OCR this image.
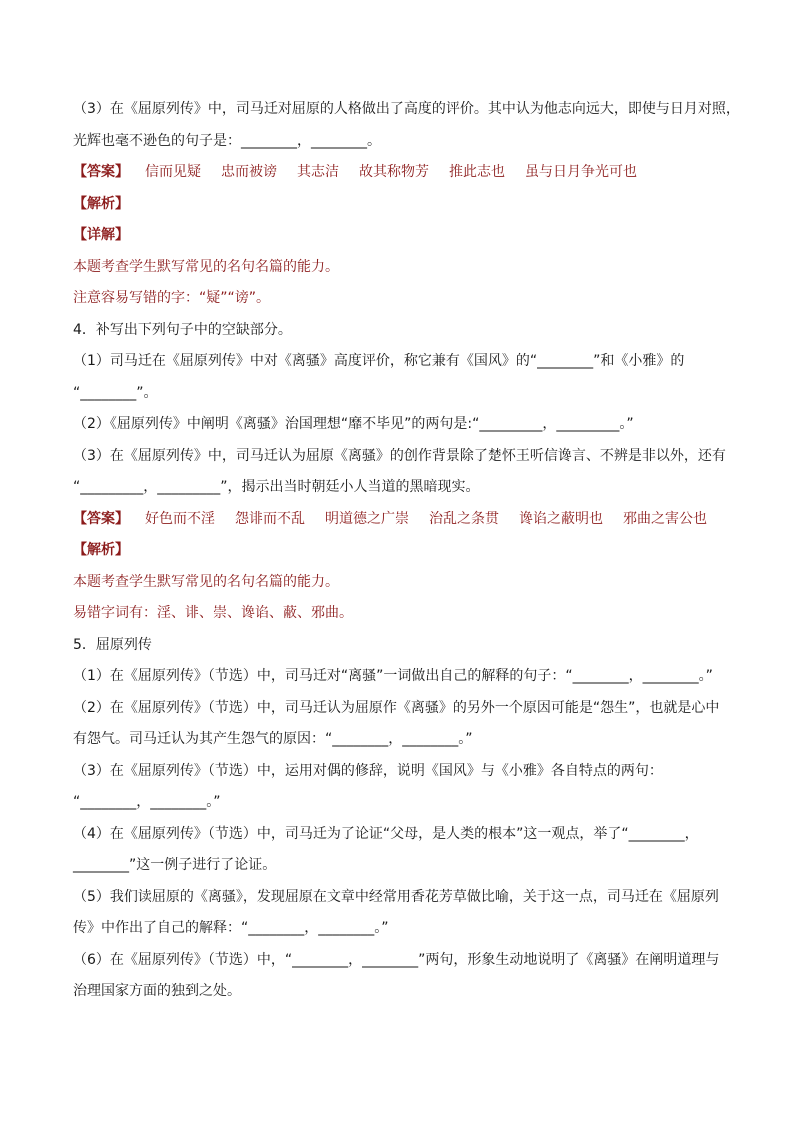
（3）在《屈原列传》中，司马迁对屈原的人格做出了高度的评价。其中认为他志向远大，即使与日月对照，

光辉也毫不逊色的句子是：________，________。

【答案】 信而见疑 忠而被谤 其志洁 故其称物芳 推此志也 虽与日月争光可也

【解析】

【详解】

本题考查学生默写常见的名句名篇的能力。

注意容易写错的字：“疑”“谤”。

4．补写出下列句子中的空缺部分。

（1）司马迁在《屈原列传》中对《离骚》高度评价，称它兼有《国风》的“________”和《小雅》的

“________”。

（2）《屈原列传》中阐明《离骚》治国理想“靡不毕见”的两句是:“_________，_________。”

（3）在《屈原列传》中，司马迁认为屈原《离骚》的创作背景除了楚怀王听信谗言、不辨是非以外，还有

“_________，_________”，揭示出当时朝廷小人当道的黑暗现实。

【答案】 好色而不淫 怨诽而不乱 明道德之广崇 治乱之条贯 谗谄之蔽明也 邪曲之害公也

【解析】

本题考查学生默写常见的名句名篇的能力。

易错字词有：淫、诽、崇、谗谄、蔽、邪曲。

5．屈原列传

（1）在《屈原列传》（节选）中，司马迁对“离骚”一词做出自己的解释的句子：“________，________。”

（2）在《屈原列传》（节选）中，司马迁认为屈原作《离骚》的另外一个原因可能是“怨生”，也就是心中

有怨气。司马迁认为其产生怨气的原因：“________，________。”

（3）在《屈原列传》（节选）中，运用对偶的修辞，说明《国风》与《小雅》各自特点的两句：

“________，________。”

（4）在《屈原列传》（节选）中，司马迁为了论证“父母，是人类的根本”这一观点，举了“________，

________”这一例子进行了论证。

（5）我们读屈原的《离骚》，发现屈原在文章中经常用香花芳草做比喻，关于这一点，司马迁在《屈原列

传》中作出了自己的解释：“________，________。”

（6）在《屈原列传》（节选）中，“________，________”两句，形象生动地说明了《离骚》在阐明道理与

治理国家方面的独到之处。
